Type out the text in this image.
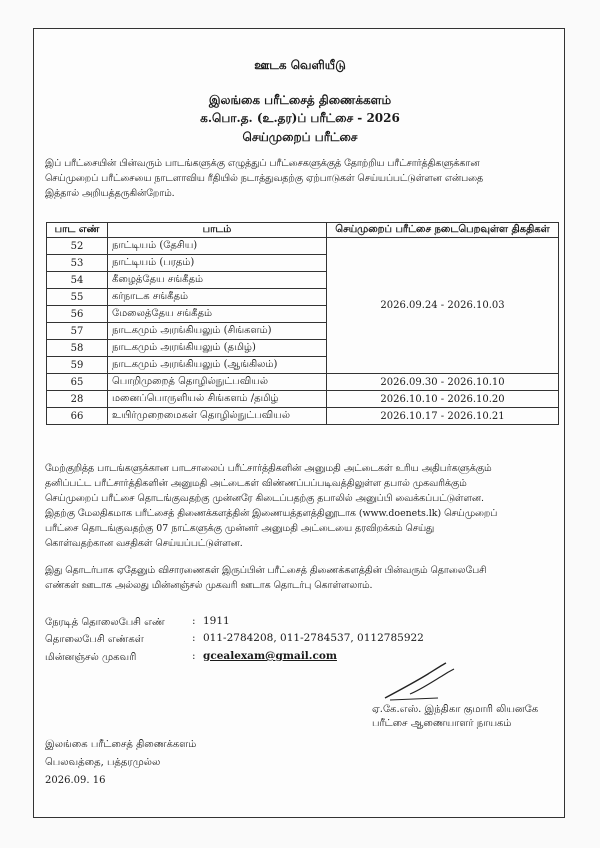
ஊடக வெளியீடு
இலங்கை பரீட்சைத் திணைக்களம்
க.பொ.த. (உ.தர)ப் பரீட்சை - 2026
செய்முறைப் பரீட்சை
இப் பரீட்சையின் பின்வரும் பாடங்களுக்கு எழுத்துப் பரீட்சைகளுக்குத் தோற்றிய பரீட்சார்த்திகளுக்கான
செய்முறைப் பரீட்சையை நாடளாவிய ரீதியில் நடாத்துவதற்கு ஏற்பாடுகள் செய்யப்பட்டுள்ளன என்பதை
இத்தால் அறியத்தருகின்றோம்.
பாட எண்	பாடம்	செய்முறைப் பரீட்சை நடைபெறவுள்ள திகதிகள்
52	நாட்டியம் (தேசிய)	2026.09.24 - 2026.10.03
53	நாட்டியம் (பரதம்)	
54	கீழைத்தேய சங்கீதம்	
55	கர்நாடக சங்கீதம்	
56	மேலைத்தேய சங்கீதம்	
57	நாடகமும் அரங்கியலும் (சிங்களம்)	
58	நாடகமும் அரங்கியலும் (தமிழ்)	
59	நாடகமும் அரங்கியலும் (ஆங்கிலம்)	
65	பொறிமுறைத் தொழில்நுட்பவியல்	2026.09.30 - 2026.10.10
28	மனைப்பொருளியல் சிங்களம் /தமிழ்	2026.10.10 - 2026.10.20
66	உயிர்முறைமைகள் தொழில்நுட்பவியல்	2026.10.17 - 2026.10.21
மேற்குறித்த பாடங்களுக்கான பாடசாலைப் பரீட்சார்த்திகளின் அனுமதி அட்டைகள் உரிய அதிபர்களுக்கும்
தனிப்பட்ட பரீட்சார்த்திகளின் அனுமதி அட்டைகள் விண்ணப்பப்படிவத்திலுள்ள தபால் முகவரிக்கும்
செய்முறைப் பரீட்சை தொடங்குவதற்கு முன்னரே கிடைப்பதற்கு தபாலில் அனுப்பி வைக்கப்பட்டுள்ளன.
இதற்கு மேலதிகமாக பரீட்சைத் திணைக்களத்தின் இணையத்தளத்தினூடாக (www.doenets.lk) செய்முறைப்
பரீட்சை தொடங்குவதற்கு 07 நாட்களுக்கு முன்னர் அனுமதி அட்டையை தரவிறக்கம் செய்து
கொள்வதற்கான வசதிகள் செய்யப்பட்டுள்ளன.
இது தொடர்பாக ஏதேனும் விசாரணைகள் இருப்பின் பரீட்சைத் திணைக்களத்தின் பின்வரும் தொலைபேசி
எண்கள் ஊடாக அல்லது மின்னஞ்சல் முகவரி ஊடாக தொடர்பு கொள்ளலாம்.
நேரடித் தொலைபேசி எண்	: 1911
தொலைபேசி எண்கள்	: 011-2784208, 011-2784537, 0112785922
மின்னஞ்சல் முகவரி	: gcealexam@gmail.com
ஏ.கே.எஸ். இந்திகா குமாரி லியனகே
பரீட்சை ஆணையாளர் நாயகம்
இலங்கை பரீட்சைத் திணைக்களம்
பெலவத்தை, பத்தரமுல்ல
2026.09. 16
